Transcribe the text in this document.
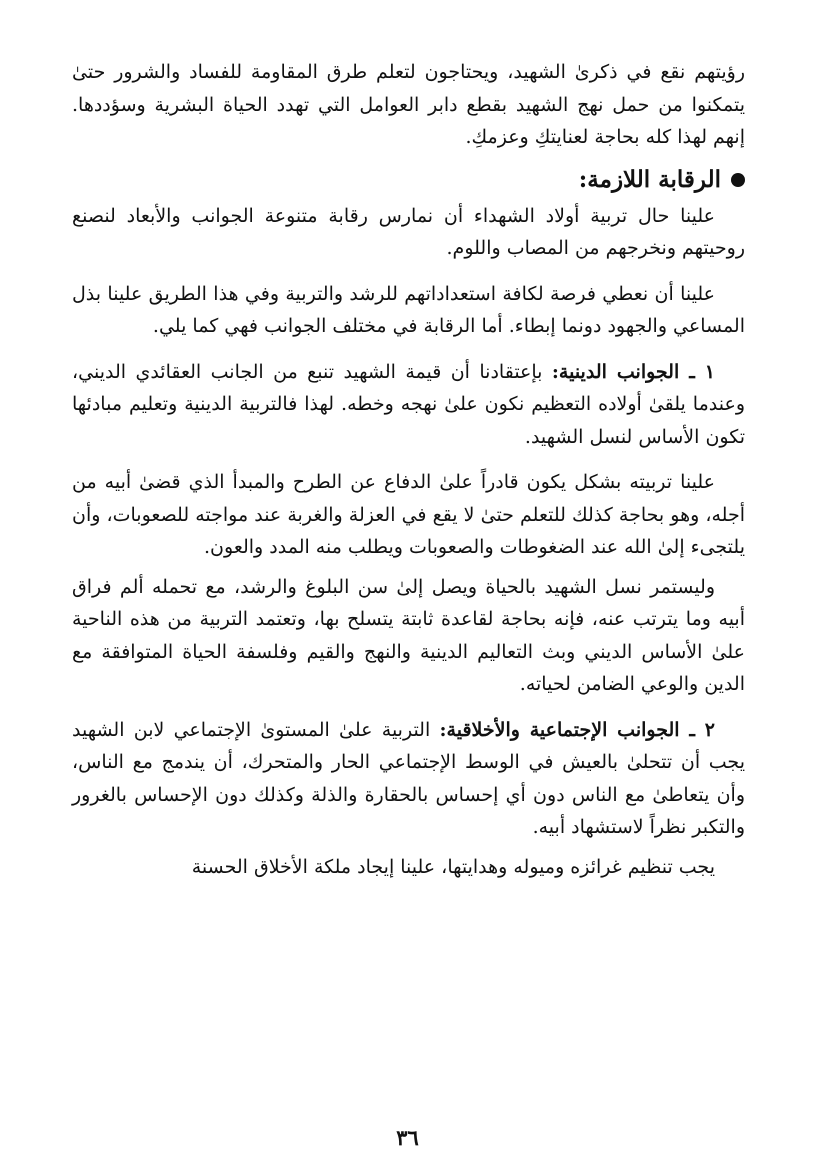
رؤيتهم نقع في ذكرىٰ الشهيد، ويحتاجون لتعلم طرق المقاومة للفساد والشرور حتىٰ يتمكنوا من حمل نهج الشهيد بقطع دابر العوامل التي تهدد الحياة البشرية وسؤددها. إنهم لهذا كله بحاجة لعنايتكِ وعزمكِ.

الرقابة اللازمة:

علينا حال تربية أولاد الشهداء أن نمارس رقابة متنوعة الجوانب والأبعاد لنصنع روحيتهم ونخرجهم من المصاب واللوم.

علينا أن نعطي فرصة لكافة استعداداتهم للرشد والتربية وفي هذا الطريق علينا بذل المساعي والجهود دونما إبطاء. أما الرقابة في مختلف الجوانب فهي كما يلي.

١ ـ الجوانب الدينية: بإعتقادنا أن قيمة الشهيد تنبع من الجانب العقائدي الديني، وعندما يلقىٰ أولاده التعظيم نكون علىٰ نهجه وخطه. لهذا فالتربية الدينية وتعليم مبادئها تكون الأساس لنسل الشهيد.

علينا تربيته بشكل يكون قادراً علىٰ الدفاع عن الطرح والمبدأ الذي قضىٰ أبيه من أجله، وهو بحاجة كذلك للتعلم حتىٰ لا يقع في العزلة والغربة عند مواجته للصعوبات، وأن يلتجىء إلىٰ الله عند الضغوطات والصعوبات ويطلب منه المدد والعون.

وليستمر نسل الشهيد بالحياة ويصل إلىٰ سن البلوغ والرشد، مع تحمله ألم فراق أبيه وما يترتب عنه، فإنه بحاجة لقاعدة ثابتة يتسلح بها، وتعتمد التربية من هذه الناحية علىٰ الأساس الديني وبث التعاليم الدينية والنهج والقيم وفلسفة الحياة المتوافقة مع الدين والوعي الضامن لحياته.

٢ ـ الجوانب الإجتماعية والأخلاقية: التربية علىٰ المستوىٰ الإجتماعي لابن الشهيد يجب أن تتحلىٰ بالعيش في الوسط الإجتماعي الحار والمتحرك، أن يندمج مع الناس، وأن يتعاطىٰ مع الناس دون أي إحساس بالحقارة والذلة وكذلك دون الإحساس بالغرور والتكبر نظراً لاستشهاد أبيه.

يجب تنظيم غرائزه وميوله وهدايتها، علينا إيجاد ملكة الأخلاق الحسنة

٣٦
